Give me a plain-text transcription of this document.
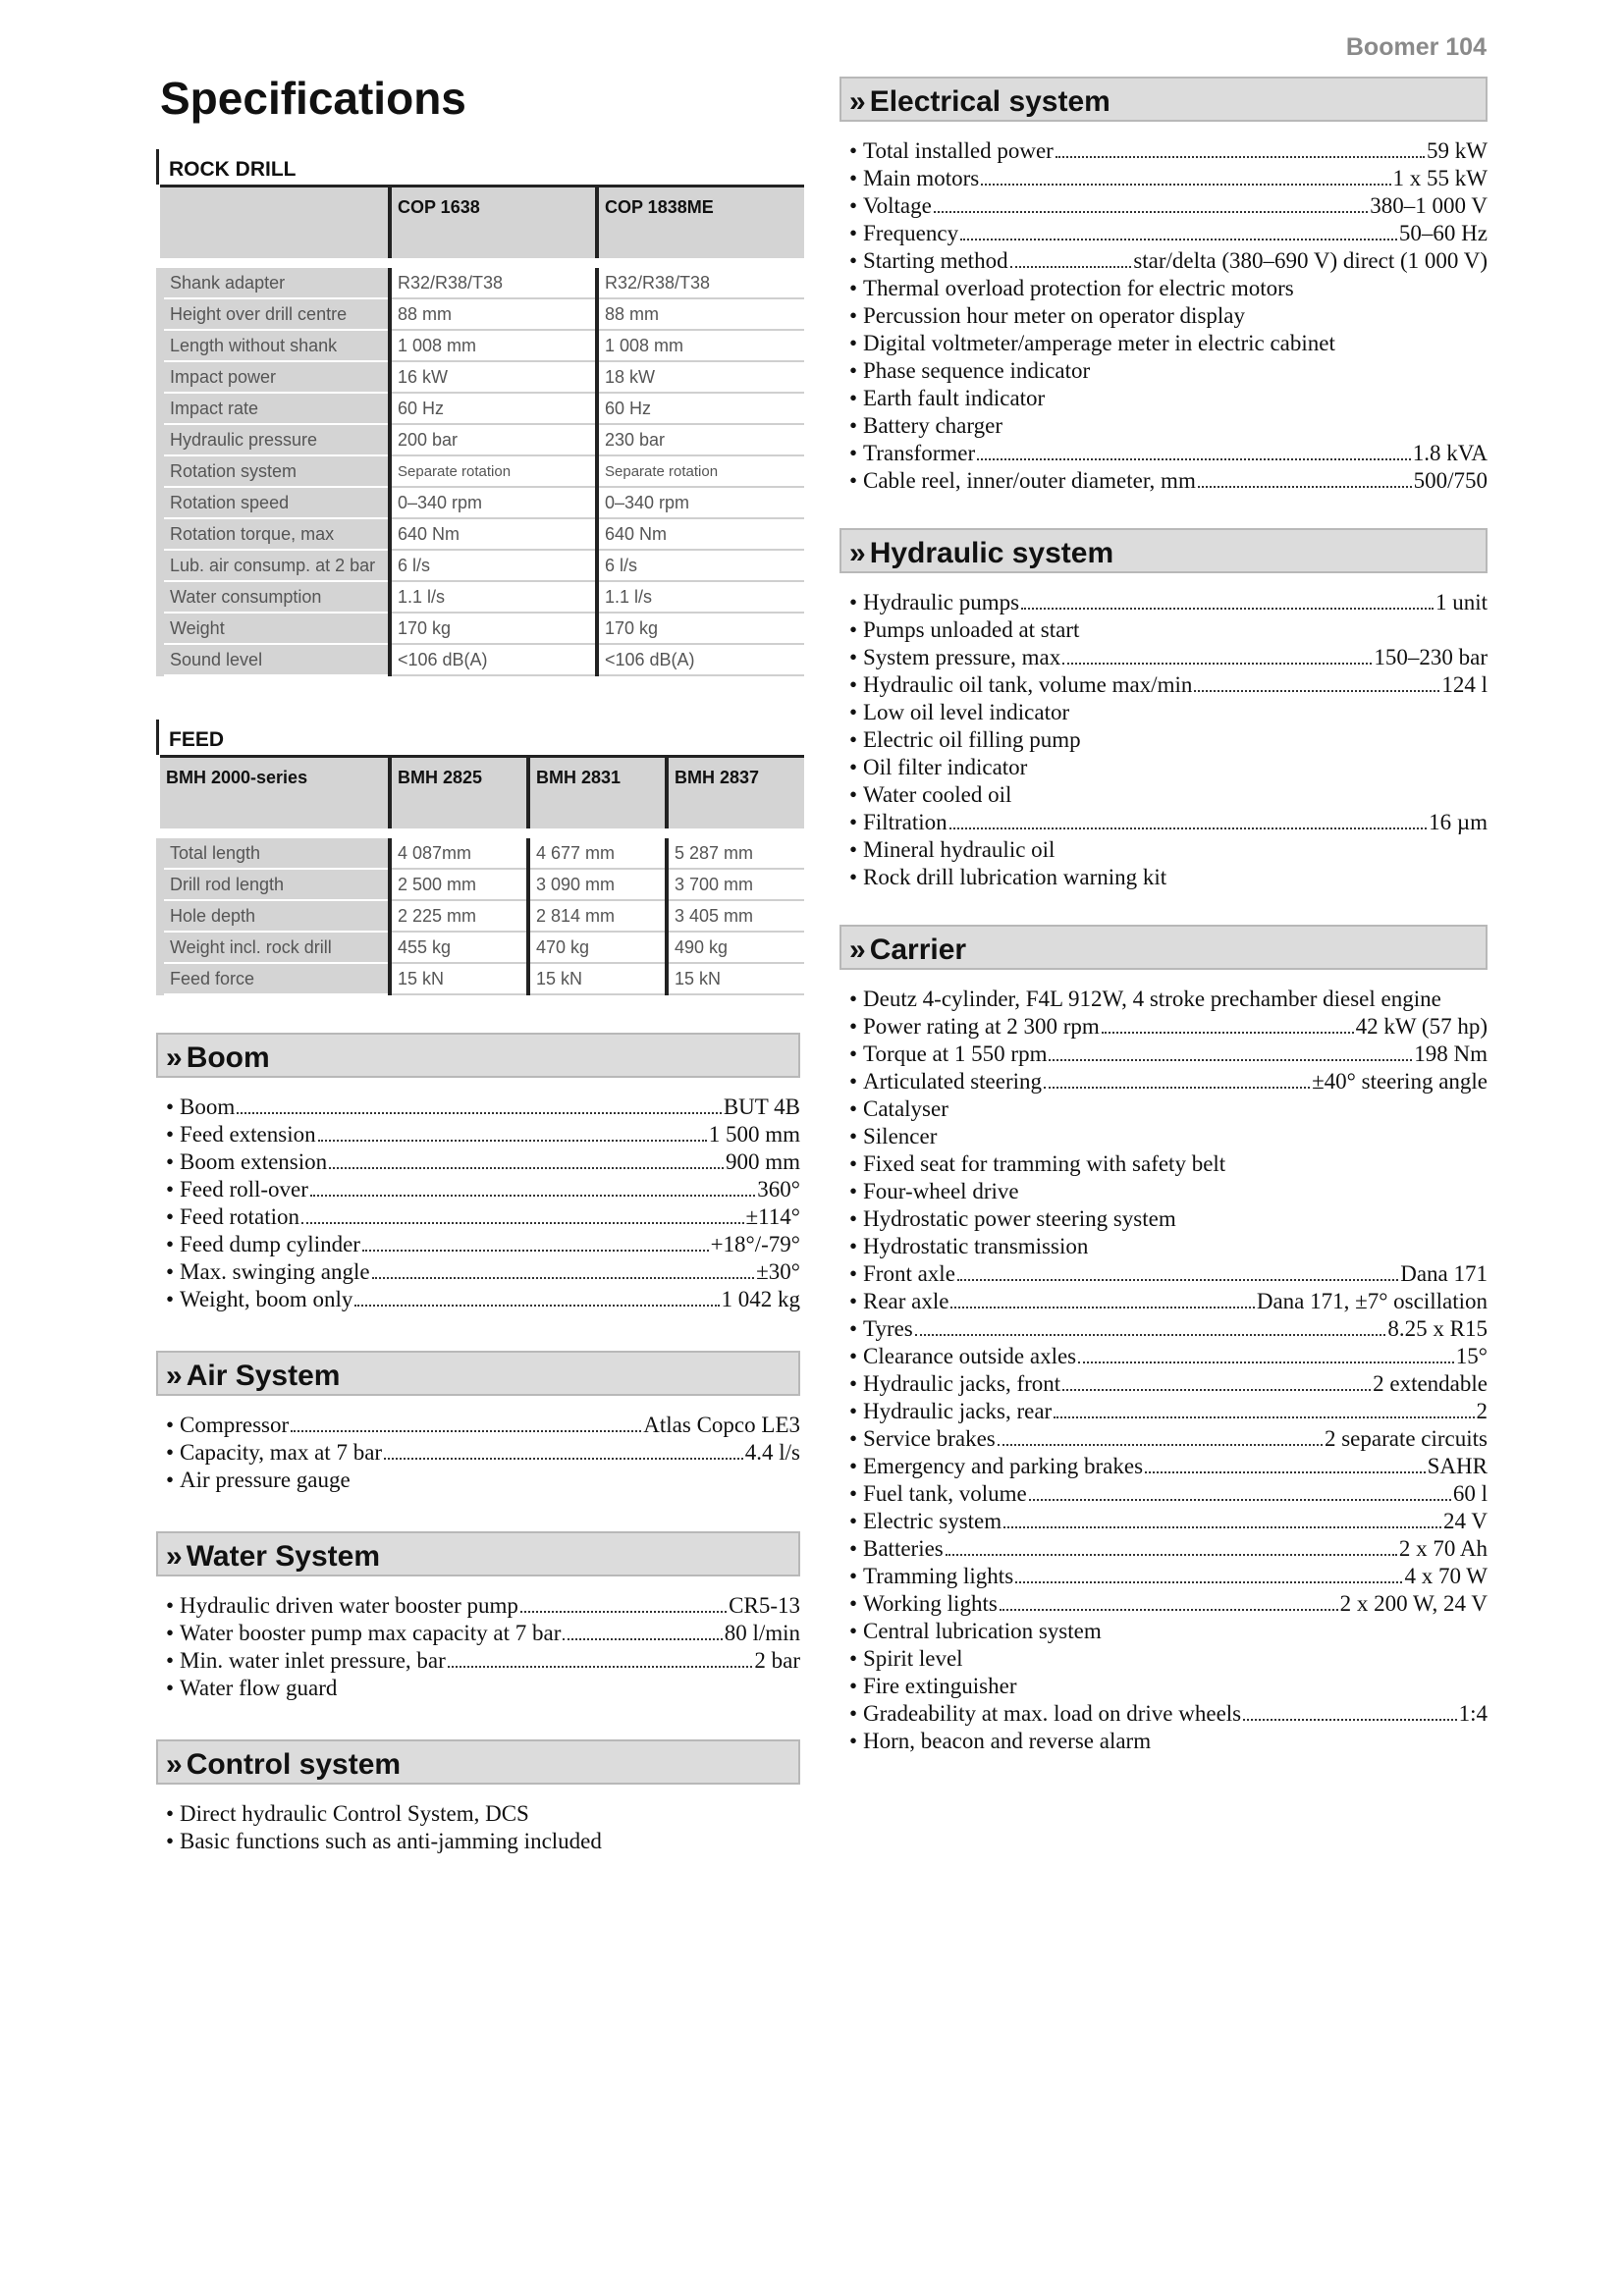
Boomer 104
Specifications
ROCK DRILL
	COP 1638	COP 1838ME

Shank adapter	R32/R38/T38	R32/R38/T38
Height over drill centre	88 mm	88 mm
Length without shank	1 008 mm	1 008 mm
Impact power	16 kW	18 kW
Impact rate	60 Hz	60 Hz
Hydraulic pressure	200 bar	230 bar
Rotation system	Separate rotation	Separate rotation
Rotation speed	0–340 rpm	0–340 rpm
Rotation torque, max	640 Nm	640 Nm
Lub. air consump. at 2 bar	6 l/s	6 l/s
Water consumption	1.1 l/s	1.1 l/s
Weight	170 kg	170 kg
Sound level	<106 dB(A)	<106 dB(A)
FEED
BMH 2000-series	BMH 2825	BMH 2831	BMH 2837

Total length	4 087mm	4 677 mm	5 287 mm
Drill rod length	2 500 mm	3 090 mm	3 700 mm
Hole depth	2 225 mm	2 814 mm	3 405 mm
Weight incl. rock drill	455 kg	470 kg	490 kg
Feed force	15 kN	15 kN	15 kN
» Boom
• Boom	BUT 4B
• Feed extension	1 500 mm
• Boom extension	900 mm
• Feed roll-over	360°
• Feed rotation	±114°
• Feed dump cylinder	+18°/-79°
• Max. swinging angle	±30°
• Weight, boom only	1 042 kg
» Air System
• Compressor	Atlas Copco LE3
• Capacity, max at 7 bar	4.4 l/s
• Air pressure gauge
» Water System
• Hydraulic driven water booster pump	CR5-13
• Water booster pump max capacity at 7 bar	80 l/min
• Min. water inlet pressure, bar	2 bar
• Water flow guard
» Control system
• Direct hydraulic Control System, DCS
• Basic functions such as anti-jamming included
» Electrical system
• Total installed power	59 kW
• Main motors	1 x 55 kW
• Voltage	380–1 000 V
• Frequency	50–60 Hz
• Starting method	star/delta (380–690 V) direct (1 000 V)
• Thermal overload protection for electric motors
• Percussion hour meter on operator display
• Digital voltmeter/amperage meter in electric cabinet
• Phase sequence indicator
• Earth fault indicator
• Battery charger
• Transformer	1.8 kVA
• Cable reel, inner/outer diameter, mm	500/750
» Hydraulic system
• Hydraulic pumps	1 unit
• Pumps unloaded at start
• System pressure, max	150–230 bar
• Hydraulic oil tank, volume max/min	124 l
• Low oil level indicator
• Electric oil filling pump
• Oil filter indicator
• Water cooled oil
• Filtration	16 µm
• Mineral hydraulic oil
• Rock drill lubrication warning kit
» Carrier
• Deutz 4-cylinder, F4L 912W, 4 stroke prechamber diesel engine
• Power rating at 2 300 rpm	42 kW (57 hp)
• Torque at 1 550 rpm	198 Nm
• Articulated steering	±40° steering angle
• Catalyser
• Silencer
• Fixed seat for tramming with safety belt
• Four-wheel drive
• Hydrostatic power steering system
• Hydrostatic transmission
• Front axle	Dana 171
• Rear axle	Dana 171, ±7° oscillation
• Tyres	8.25 x R15
• Clearance outside axles	15°
• Hydraulic jacks, front	2 extendable
• Hydraulic jacks, rear	2
• Service brakes	2 separate circuits
• Emergency and parking brakes	SAHR
• Fuel tank, volume	60 l
• Electric system	24 V
• Batteries	2 x 70 Ah
• Tramming lights	4 x 70 W
• Working lights	2 x 200 W, 24 V
• Central lubrication system
• Spirit level
• Fire extinguisher
• Gradeability at max. load on drive wheels	1:4
• Horn, beacon and reverse alarm
